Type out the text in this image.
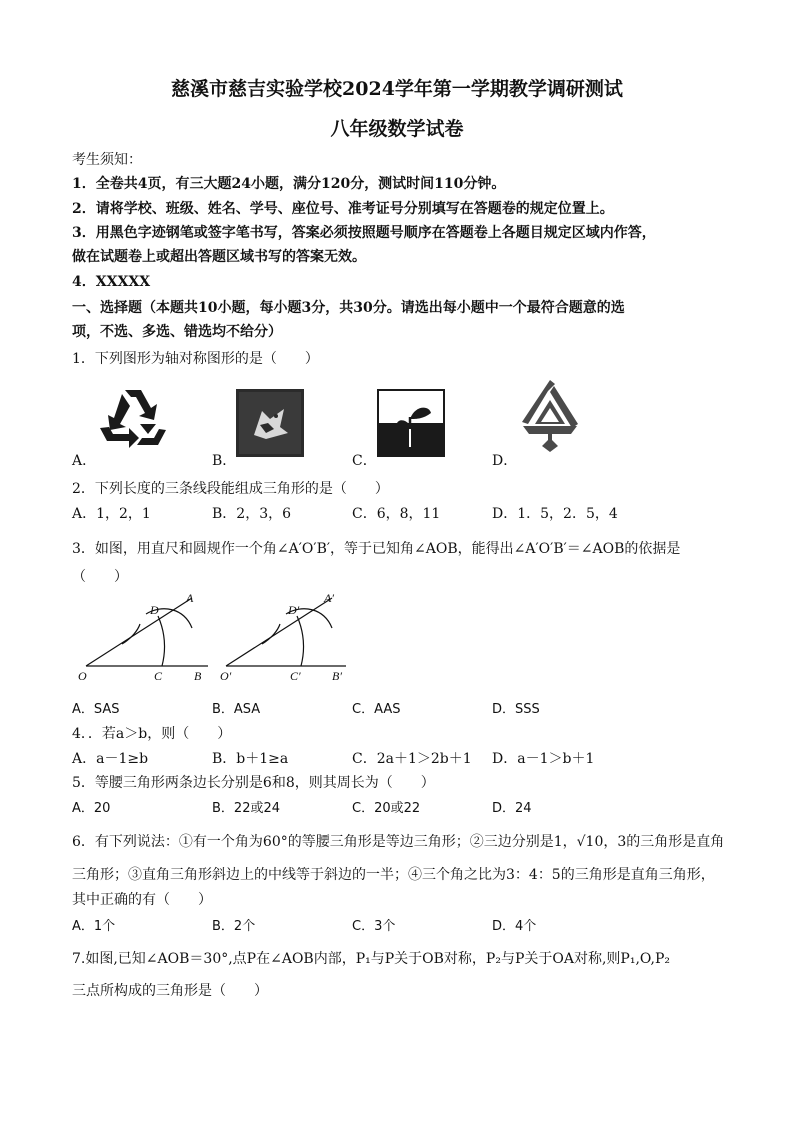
慈溪市慈吉实验学校2024学年第一学期教学调研测试
八年级数学试卷
考生须知：
1．全卷共4页，有三大题24小题，满分120分，测试时间110分钟。
2．请将学校、班级、姓名、学号、座位号、准考证号分别填写在答题卷的规定位置上。
3．用黑色字迹钢笔或签字笔书写，答案必须按照题号顺序在答题卷上各题目规定区域内作答，
做在试题卷上或超出答题区域书写的答案无效。
4．XXXXX
一、选择题（本题共10小题，每小题3分，共30分。请选出每小题中一个最符合题意的选
项，不选、多选、错选均不给分）
1．下列图形为轴对称图形的是（　　）
A．	B．	C．	D．
2．下列长度的三条线段能组成三角形的是（　　）
A．1，2，1	B．2，3，6	C．6，8，11	D．1．5，2．5，4
3．如图，用直尺和圆规作一个角∠A′O′B′，等于已知角∠AOB，能得出∠A′O′B′＝∠AOB的依据是
（　　）
D
A
O	C	B
D′
A′
O′	C′	B′
A．SAS	B．ASA	C．AAS	D．SSS
4．．若a＞b，则（　　）
A．a－1≥b	B．b＋1≥a	C．2a＋1＞2b＋1 D．a－1＞b＋1
5．等腰三角形两条边长分别是6和8，则其周长为（　　）
A．20	B．22或24	C．20或22	D．24
6．有下列说法：①有一个角为60°的等腰三角形是等边三角形；②三边分别是1，√10，3的三角形是直角
三角形；③直角三角形斜边上的中线等于斜边的一半；④三个角之比为3：4：5的三角形是直角三角形，
其中正确的有（　　）
A．1个	B．2个	C．3个	D．4个
7.如图,已知∠AOB＝30°,点P在∠AOB内部，P₁与P关于OB对称，P₂与P关于OA对称,则P₁,O,P₂
三点所构成的三角形是（　　）
